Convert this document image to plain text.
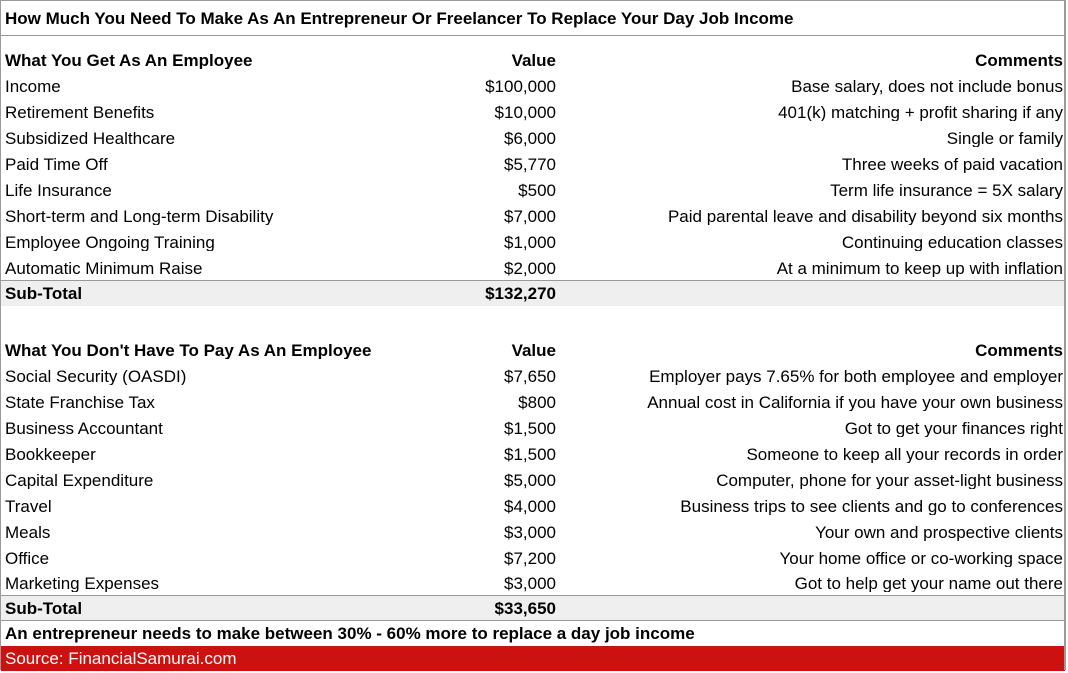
How Much You Need To Make As An Entrepreneur Or Freelancer To Replace Your Day Job Income
What You Get As An Employee	Value	Comments
Income	$100,000	Base salary, does not include bonus
Retirement Benefits	$10,000	401(k) matching + profit sharing if any
Subsidized Healthcare	$6,000	Single or family
Paid Time Off	$5,770	Three weeks of paid vacation
Life Insurance	$500	Term life insurance = 5X salary
Short-term and Long-term Disability	$7,000	Paid parental leave and disability beyond six months
Employee Ongoing Training	$1,000	Continuing education classes
Automatic Minimum Raise	$2,000	At a minimum to keep up with inflation
Sub-Total	$132,270
What You Don't Have To Pay As An Employee	Value	Comments
Social Security (OASDI)	$7,650	Employer pays 7.65% for both employee and employer
State Franchise Tax	$800	Annual cost in California if you have your own business
Business Accountant	$1,500	Got to get your finances right
Bookkeeper	$1,500	Someone to keep all your records in order
Capital Expenditure	$5,000	Computer, phone for your asset-light business
Travel	$4,000	Business trips to see clients and go to conferences
Meals	$3,000	Your own and prospective clients
Office	$7,200	Your home office or co-working space
Marketing Expenses	$3,000	Got to help get your name out there
Sub-Total	$33,650
An entrepreneur needs to make between 30% - 60% more to replace a day job income
Source: FinancialSamurai.com
